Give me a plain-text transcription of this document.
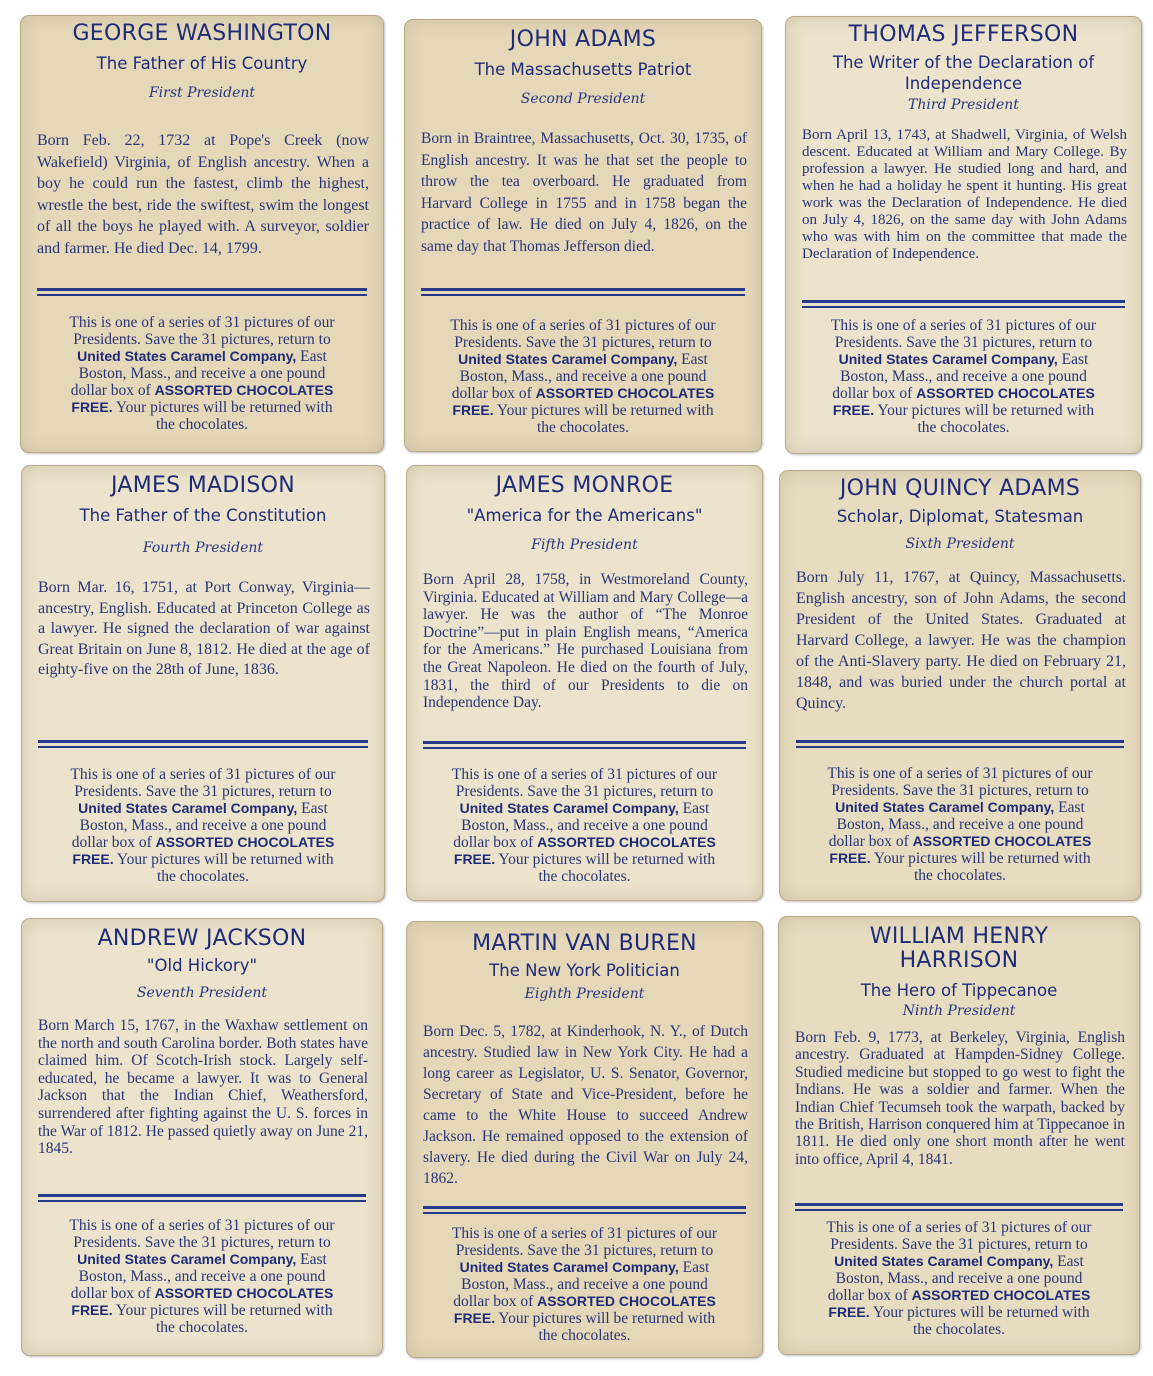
GEORGE WASHINGTON
The Father of His Country
First President
Born Feb. 22, 1732 at Pope's Creek (now Wakefield) Virginia, of English ancestry. When a boy he could run the fastest, climb the highest, wrestle the best, ride the swiftest, swim the longest of all the boys he played with. A surveyor, soldier and farmer. He died Dec. 14, 1799.
This is one of a series of 31 pictures of our
Presidents. Save the 31 pictures, return to
United States Caramel Company, East
Boston, Mass., and receive a one pound
dollar box of ASSORTED CHOCOLATES
FREE. Your pictures will be returned with
the chocolates.
JOHN ADAMS
The Massachusetts Patriot
Second President
Born in Braintree, Massachusetts, Oct. 30, 1735, of English ancestry. It was he that set the people to throw the tea overboard. He graduated from Harvard College in 1755 and in 1758 began the practice of law. He died on July 4, 1826, on the same day that Thomas Jefferson died.
This is one of a series of 31 pictures of our
Presidents. Save the 31 pictures, return to
United States Caramel Company, East
Boston, Mass., and receive a one pound
dollar box of ASSORTED CHOCOLATES
FREE. Your pictures will be returned with
the chocolates.
THOMAS JEFFERSON
The Writer of the Declaration of Independence
Third President
Born April 13, 1743, at Shadwell, Virginia, of Welsh descent. Educated at William and Mary College. By profession a lawyer. He studied long and hard, and when he had a holiday he spent it hunting. His great work was the Declaration of Independence. He died on July 4, 1826, on the same day with John Adams who was with him on the committee that made the Declaration of Independence.
This is one of a series of 31 pictures of our
Presidents. Save the 31 pictures, return to
United States Caramel Company, East
Boston, Mass., and receive a one pound
dollar box of ASSORTED CHOCOLATES
FREE. Your pictures will be returned with
the chocolates.
JAMES MADISON
The Father of the Constitution
Fourth President
Born Mar. 16, 1751, at Port Conway, Virginia—ancestry, English. Educated at Princeton College as a lawyer. He signed the declaration of war against Great Britain on June 8, 1812. He died at the age of eighty-five on the 28th of June, 1836.
This is one of a series of 31 pictures of our
Presidents. Save the 31 pictures, return to
United States Caramel Company, East
Boston, Mass., and receive a one pound
dollar box of ASSORTED CHOCOLATES
FREE. Your pictures will be returned with
the chocolates.
JAMES MONROE
"America for the Americans"
Fifth President
Born April 28, 1758, in Westmoreland County, Virginia. Educated at William and Mary College—a lawyer. He was the author of “The Monroe Doctrine”—put in plain English means, “America for the Americans.” He purchased Louisiana from the Great Napoleon. He died on the fourth of July, 1831, the third of our Presidents to die on Independence Day.
This is one of a series of 31 pictures of our
Presidents. Save the 31 pictures, return to
United States Caramel Company, East
Boston, Mass., and receive a one pound
dollar box of ASSORTED CHOCOLATES
FREE. Your pictures will be returned with
the chocolates.
JOHN QUINCY ADAMS
Scholar, Diplomat, Statesman
Sixth President
Born July 11, 1767, at Quincy, Massachusetts. English ancestry, son of John Adams, the second President of the United States. Graduated at Harvard College, a lawyer. He was the champion of the Anti-Slavery party. He died on February 21, 1848, and was buried under the church portal at Quincy.
This is one of a series of 31 pictures of our
Presidents. Save the 31 pictures, return to
United States Caramel Company, East
Boston, Mass., and receive a one pound
dollar box of ASSORTED CHOCOLATES
FREE. Your pictures will be returned with
the chocolates.
ANDREW JACKSON
"Old Hickory"
Seventh President
Born March 15, 1767, in the Waxhaw settlement on the north and south Carolina border. Both states have claimed him. Of Scotch-Irish stock. Largely self-educated, he became a lawyer. It was to General Jackson that the Indian Chief, Weathersford, surrendered after fighting against the U. S. forces in the War of 1812. He passed quietly away on June 21, 1845.
This is one of a series of 31 pictures of our
Presidents. Save the 31 pictures, return to
United States Caramel Company, East
Boston, Mass., and receive a one pound
dollar box of ASSORTED CHOCOLATES
FREE. Your pictures will be returned with
the chocolates.
MARTIN VAN BUREN
The New York Politician
Eighth President
Born Dec. 5, 1782, at Kinderhook, N. Y., of Dutch ancestry. Studied law in New York City. He had a long career as Legislator, U. S. Senator, Governor, Secretary of State and Vice-President, before he came to the White House to succeed Andrew Jackson. He remained opposed to the extension of slavery. He died during the Civil War on July 24, 1862.
This is one of a series of 31 pictures of our
Presidents. Save the 31 pictures, return to
United States Caramel Company, East
Boston, Mass., and receive a one pound
dollar box of ASSORTED CHOCOLATES
FREE. Your pictures will be returned with
the chocolates.
WILLIAM HENRY HARRISON
The Hero of Tippecanoe
Ninth President
Born Feb. 9, 1773, at Berkeley, Virginia, English ancestry. Graduated at Hampden-Sidney College. Studied medicine but stopped to go west to fight the Indians. He was a soldier and farmer. When the Indian Chief Tecumseh took the warpath, backed by the British, Harrison conquered him at Tippecanoe in 1811. He died only one short month after he went into office, April 4, 1841.
This is one of a series of 31 pictures of our
Presidents. Save the 31 pictures, return to
United States Caramel Company, East
Boston, Mass., and receive a one pound
dollar box of ASSORTED CHOCOLATES
FREE. Your pictures will be returned with
the chocolates.
